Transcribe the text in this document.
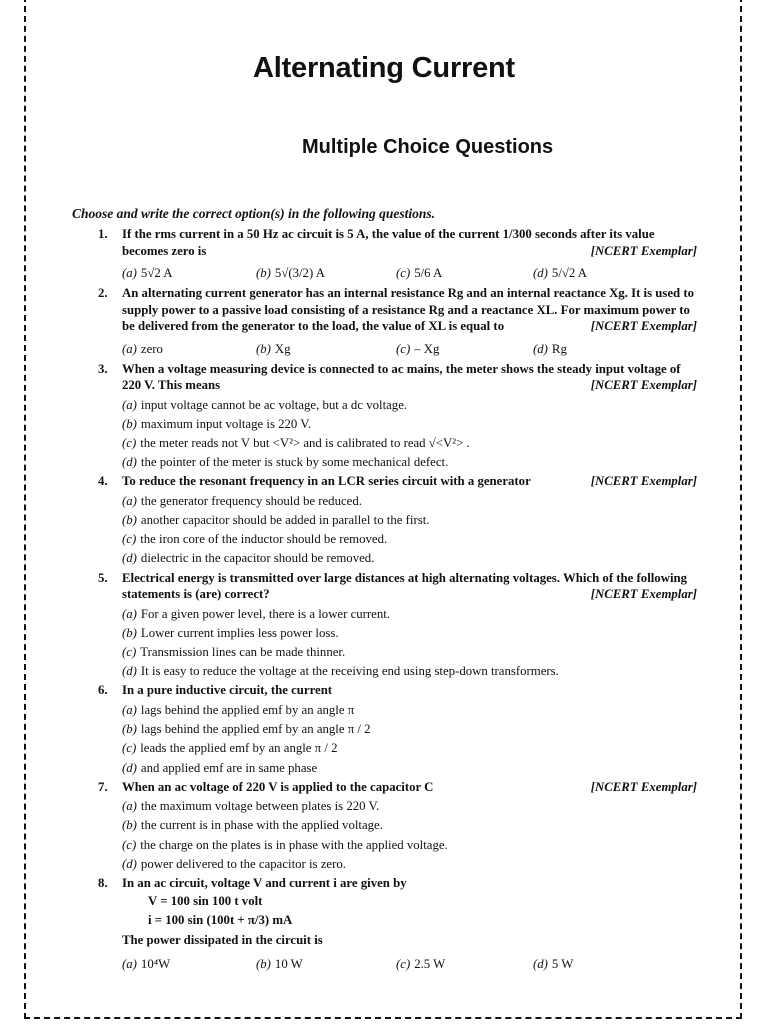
Alternating Current
Multiple Choice Questions
Choose and write the correct option(s) in the following questions.
1. If the rms current in a 50 Hz ac circuit is 5 A, the value of the current 1/300 seconds after its value becomes zero is	[NCERT Exemplar]
(a) 5√2 A	(b) 5√(3/2) A	(c) 5/6 A	(d) 5/√2 A
2. An alternating current generator has an internal resistance Rg and an internal reactance Xg. It is used to supply power to a passive load consisting of a resistance Rg and a reactance XL. For maximum power to be delivered from the generator to the load, the value of XL is equal to	[NCERT Exemplar]
(a) zero	(b) Xg	(c) – Xg	(d) Rg
3. When a voltage measuring device is connected to ac mains, the meter shows the steady input voltage of 220 V. This means	[NCERT Exemplar]
(a) input voltage cannot be ac voltage, but a dc voltage.
(b) maximum input voltage is 220 V.
(c) the meter reads not V but <V²> and is calibrated to read √<V²> .
(d) the pointer of the meter is stuck by some mechanical defect.
4. To reduce the resonant frequency in an LCR series circuit with a generator	[NCERT Exemplar]
(a) the generator frequency should be reduced.
(b) another capacitor should be added in parallel to the first.
(c) the iron core of the inductor should be removed.
(d) dielectric in the capacitor should be removed.
5. Electrical energy is transmitted over large distances at high alternating voltages. Which of the following statements is (are) correct?	[NCERT Exemplar]
(a) For a given power level, there is a lower current.
(b) Lower current implies less power loss.
(c) Transmission lines can be made thinner.
(d) It is easy to reduce the voltage at the receiving end using step-down transformers.
6. In a pure inductive circuit, the current
(a) lags behind the applied emf by an angle π
(b) lags behind the applied emf by an angle π / 2
(c) leads the applied emf by an angle π / 2
(d) and applied emf are in same phase
7. When an ac voltage of 220 V is applied to the capacitor C	[NCERT Exemplar]
(a) the maximum voltage between plates is 220 V.
(b) the current is in phase with the applied voltage.
(c) the charge on the plates is in phase with the applied voltage.
(d) power delivered to the capacitor is zero.
8. In an ac circuit, voltage V and current i are given by
V = 100 sin 100 t volt
i = 100 sin (100t + π/3) mA
The power dissipated in the circuit is
(a) 10⁴W	(b) 10 W	(c) 2.5 W	(d) 5 W
